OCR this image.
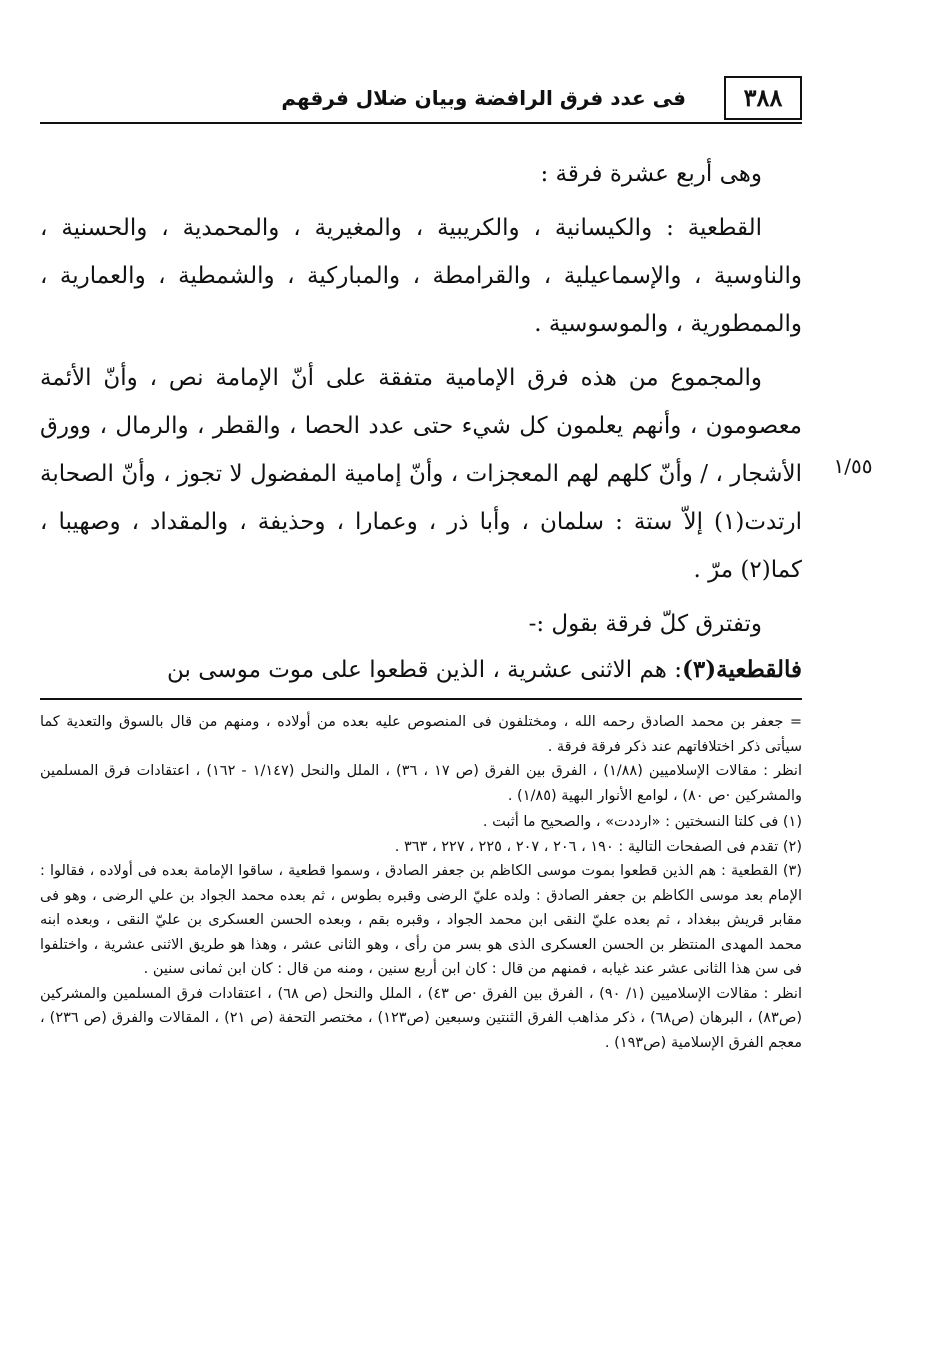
٣٨٨
فى عدد فرق الرافضة وبيان ضلال فرقهم

وهى أربع عشرة فرقة :

القطعية : والكيسانية ، والكريبية ، والمغيرية ، والمحمدية ، والحسنية ، والناوسية ، والإسماعيلية ، والقرامطة ، والمباركية ، والشمطية ، والعمارية ، والممطورية ، والموسوسية .

والمجموع من هذه فرق الإمامية متفقة على أنّ الإمامة نص ، وأنّ الأئمة معصومون ، وأنهم يعلمون كل شيء حتى عدد الحصا ، والقطر ، والرمال ، وورق الأشجار ، / وأنّ كلهم لهم المعجزات ، وأنّ إمامية المفضول لا تجوز ، وأنّ الصحابة ارتدت(١) إلاّ ستة : سلمان ، وأبا ذر ، وعمارا ، وحذيفة ، والمقداد ، وصهيبا ، كما(٢) مرّ .

وتفترق كلّ فرقة بقول :-

١/٥٥
فالقطعية(٣): هم الاثنى عشرية ، الذين قطعوا على موت موسى بن

= جعفر بن محمد الصادق رحمه الله ، ومختلفون فى المنصوص عليه بعده من أولاده ، ومنهم من قال بالسوق والتعدية كما سيأتى ذكر اختلافاتهم عند ذكر فرقة فرقة .

انظر : مقالات الإسلاميين (١/٨٨) ، الفرق بين الفرق (ص ١٧ ، ٣٦) ، الملل والنحل (١/١٤٧ - ١٦٢) ، اعتقادات فرق المسلمين والمشركين ·ص ٨٠) ، لوامع الأنوار البهية (١/٨٥) .

(١) فى كلتا النسختين : «ارددت» ، والصحيح ما أثبت .

(٢) تقدم فى الصفحات التالية : ١٩٠ ، ٢٠٦ ، ٢٠٧ ، ٢٢٥ ، ٢٢٧ ، ٣٦٣ .

(٣) القطعية : هم الذين قطعوا بموت موسى الكاظم بن جعفر الصادق ، وسموا قطعية ، ساقوا الإمامة بعده فى أولاده ، فقالوا : الإمام بعد موسى الكاظم بن جعفر الصادق : ولده عليّ الرضى وقبره بطوس ، ثم بعده محمد الجواد بن علي الرضى ، وهو فى مقابر قريش ببغداد ، ثم بعده عليّ النقى ابن محمد الجواد ، وقبره بقم ، وبعده الحسن العسكرى بن عليّ النقى ، وبعده ابنه محمد المهدى المنتظر بن الحسن العسكرى الذى هو بسر من رأى ، وهو الثانى عشر ، وهذا هو طريق الاثنى عشرية ، واختلفوا فى سن هذا الثانى عشر عند غيابه ، فمنهم من قال : كان ابن أربع سنين ، ومنه من قال : كان ابن ثمانى سنين .

انظر : مقالات الإسلاميين (١/ ٩٠) ، الفرق بين الفرق ·ص ٤٣) ، الملل والنحل (ص ٦٨) ، اعتقادات فرق المسلمين والمشركين (ص٨٣) ، البرهان (ص٦٨) ، ذكر مذاهب الفرق الثنتين وسبعين (ص١٢٣) ، مختصر التحفة (ص ٢١) ، المقالات والفرق (ص ٢٣٦) ، معجم الفرق الإسلامية (ص١٩٣) .
